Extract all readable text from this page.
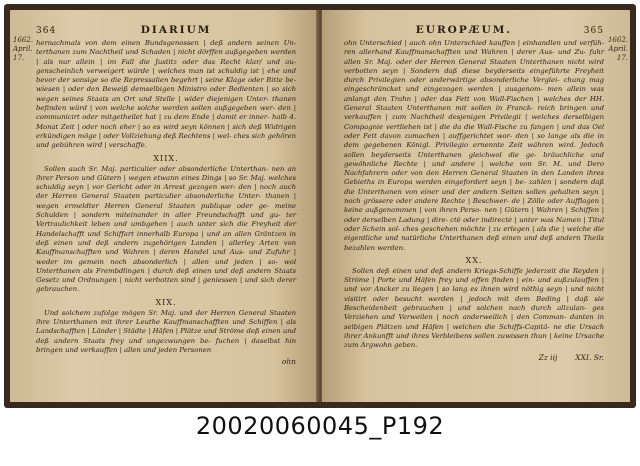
1662.
April.
17.
364	DIARIUM

hernachmals von dem einen Bundsgenossen | deß andern seinen Un- terthanen zum Nachtheil und Schaden | nicht dörffen außgegeben werden | als nur allein | im Fall die Justitz oder das Recht klar/ und au- genscheinlich verweigert würde | welches man ist schuldig ist | ehe und bevor der sonsige so die Repressalien begehrt | seine Klage oder Bitte be- wiesen | oder den Beweiß demselbigen Ministro oder Bedienten | so sich wegen seines Staats an Ort und Stelle | wider diejenigen Unter- thanen befinden würd | von welche solche werden sollen außgegeben wer- den | communicirt oder mitgetheilet hat | zu dem Ende | damit er inner- halb 4. Monat Zeit | oder noch eher | so es wird seyn können | sich deß Widrigen erkündigen möge | oder Vollziehung deß Rechtens | wel- ches sich gehören und gebühren wird | verschaffe.

XIIX.

Sollen auch Sr. Maj. particulier oder absonderliche Unterthan- nen an ihrer Person und Gütern | wegen etwann eines Dings | so Sr. Maj. welches schuldig seyn | vor Gericht oder in Arrest gezogen wer- den | noch auch der Herren General Staaten particulier absonderliche Unter- thanen | wegen ermeldter Herren General Staaten publique oder ge- meine Schulden | sondern miteinander in aller Freundschafft und gu- ter Vertraulichkeit leben und umbgehen | auch unter sich die Freyheit der Handelschafft und Schiffart innerhalb Europa | und an allen Gräntzen in deß einen und deß andern zugehörigen Landen | allerley Arten von Kauffmanschafften und Wahren | deren Handel und Aus- und Zufuhr | weder im gemein noch absonderlich | allen und jeden | so- wol Unterthanen als Frembdlingen | durch deß einen und deß andern Staats Gesetz und Ordnungen | nicht verbotten sind | geniessen | und sich derer gebrauchen.

XIX.

Und solchem zufolge mögen Sr. Maj. und der Herren General Staaten ihre Unterthanen mit ihrer Leuthe Kauffmanschafften und Schiffen | als Landschafften | Länder | Städte | Häfen | Plätze und Ströme deß einen und deß andern Staats frey und ungezwungen be- fuchen | daselbst hin bringen und verkauffen | allen und jeden Personen

ohn
1662.
April.
17.
EUROPÆUM.	365

ohn Unterschied | auch ohn Unterschied kauffen | einhandlen und verfüh- ren allerhand Kauffmanschafften und Wahren | derer Aus- und Zu- fuhr allen Sr. Maj. oder der Herren General Staaten Unterthanen nicht wird verbotten seyn | Sondern daß diese beyderseits eingeführte Freyheit durch Privilegien oder anderwärtige absonderliche Verglei- chung mag eingeschräncket und eingezogen werden | ausgenom- men allein was anlangt den Trahn | oder das Fett von Wall-Fischen | welches der HH. General Staaten Unterthanen mit sollen in Franck- reich bringen und verkauffen | zum Nachtheil desjenigen Privilegii | welches derselbigen Compagnie vertliehen ist | die da die Wall-Fische zu fangen | und das Oel oder Fett davon zumachen | auffgerichtet wor- den | so lange als die in dem gegebenen Königl. Privilegio ernennte Zeit währen wird. Jedoch sollen beyderseits Unterthanen gleichwol die ge- bräuchliche und gewöhnliche Rechte | und andere | welche von Sr. M. und Dero Nachfahrern oder von den Herren General Staaten in den Landen ihres Gebieths in Europa werden eingefordert seyn | be- zahlen | sondern daß die Unterthanen von einer und der andern Seiten sollen gehalten seyn | noch grössere oder andere Rechte | Beschwer- de | Zölle oder Aufflagen | keine außgenommen | von ihren Perso- nen | Gütern | Wahren | Schiffen | oder derselben Ladung | dire- ctè oder indirectè | unter was Namen | Titul oder Schein sol- ches geschehen möchte | zu erlegen | als die | welche die eigentliche und natürliche Unterthanen deß einen und deß andern Theils bezahlen werden.

XX.

Sollen deß einen und deß andern Kriegs-Schiffe jederzeit die Reyden | Ströme | Porte und Häfen frey und offen finden | ein- und außzulauffen | und vor Ancker zu liegen | so lang es ihnen wird nöthig seyn | und nicht visitirt oder besucht werden | jedoch mit dem Beding | daß sie Bescheidenheit gebrauchen | und solchen nach durch allzulan- ges Verziehen und Verweilen | noch anderweilich | den Comman- danten in selbigen Plätzen und Häfen | welchen die Schiffs-Capitä- ne die Ursach ihrer Ankunfft und ihres Verbleibens sollen zuwissen thun | keine Ursache zum Argwohn geben.

Zz iij XXI. Sr.
20020060045_P192
